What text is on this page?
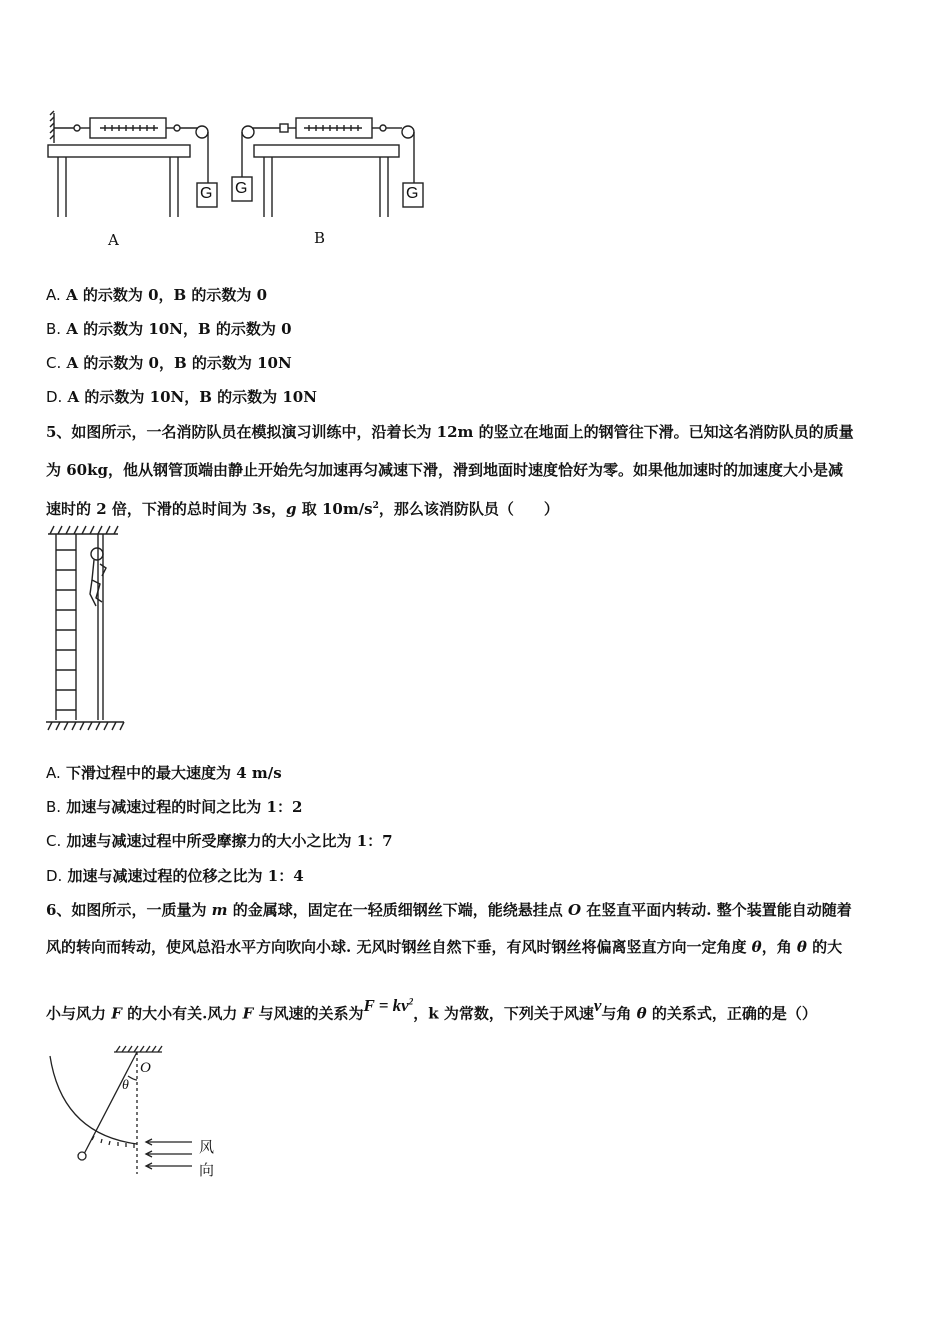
G G	G
A	B
A. A 的示数为 0，B 的示数为 0
B. A 的示数为 10N，B 的示数为 0
C. A 的示数为 0，B 的示数为 10N
D. A 的示数为 10N，B 的示数为 10N
5、如图所示，一名消防队员在模拟演习训练中，沿着长为 12m 的竖立在地面上的钢管往下滑。已知这名消防队员的质量
为 60kg，他从钢管顶端由静止开始先匀加速再匀减速下滑，滑到地面时速度恰好为零。如果他加速时的加速度大小是减
速时的 2 倍，下滑的总时间为 3s，g 取 $10m/s^2$，那么该消防队员（　　）
A. 下滑过程中的最大速度为 4 m/s
B. 加速与减速过程的时间之比为 1：2
C. 加速与减速过程中所受摩擦力的大小之比为 1：7
D. 加速与减速过程的位移之比为 1：4
6、如图所示，一质量为 m 的金属球，固定在一轻质细钢丝下端，能绕悬挂点 O 在竖直平面内转动. 整个装置能自动随着
风的转向而转动，使风总沿水平方向吹向小球. 无风时钢丝自然下垂，有风时钢丝将偏离竖直方向一定角度 θ，角 θ 的大
小与风力 F 的大小有关.风力 F 与风速的关系为$F = kv^2$，k 为常数，下列关于风速v与角 θ 的关系式，正确的是（）
O
θ
风
向
